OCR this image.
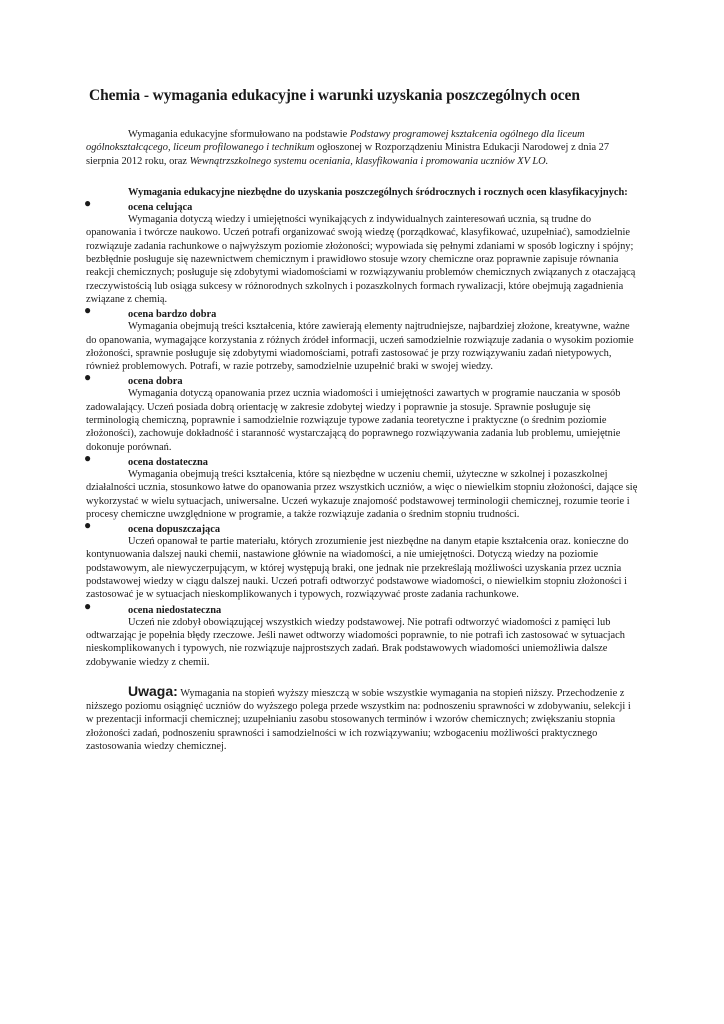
Chemia - wymagania edukacyjne i warunki uzyskania poszczególnych ocen

Wymagania edukacyjne sformułowano na podstawie Podstawy programowej kształcenia ogólnego dla liceum ogólnokształcącego, liceum profilowanego i technikum ogłoszonej w Rozporządzeniu Ministra Edukacji Narodowej z dnia 27 sierpnia 2012 roku, oraz Wewnątrzszkolnego systemu oceniania, klasyfikowania i promowania uczniów XV LO.

Wymagania edukacyjne niezbędne do uzyskania poszczególnych śródrocznych i rocznych ocen klasyfikacyjnych:

●	ocena celująca

Wymagania dotyczą wiedzy i umiejętności wynikających z indywidualnych zainteresowań ucznia, są trudne do opanowania i twórcze naukowo. Uczeń potrafi organizować swoją wiedzę (porządkować, klasyfikować, uzupełniać), samodzielnie rozwiązuje zadania rachunkowe o najwyższym poziomie złożoności; wypowiada się pełnymi zdaniami w sposób logiczny i spójny; bezbłędnie posługuje się nazewnictwem chemicznym i prawidłowo stosuje wzory chemiczne oraz poprawnie zapisuje równania reakcji chemicznych; posługuje się zdobytymi wiadomościami w rozwiązywaniu problemów chemicznych związanych z otaczającą rzeczywistością lub osiąga sukcesy w różnorodnych szkolnych i pozaszkolnych formach rywalizacji, które obejmują zagadnienia związane z chemią.

●	ocena bardzo dobra

Wymagania obejmują treści kształcenia, które zawierają elementy najtrudniejsze, najbardziej złożone, kreatywne, ważne do opanowania, wymagające korzystania z różnych źródeł informacji, uczeń samodzielnie rozwiązuje zadania o wysokim poziomie złożoności, sprawnie posługuje się zdobytymi wiadomościami, potrafi zastosować je przy rozwiązywaniu zadań nietypowych, również problemowych. Potrafi, w razie potrzeby, samodzielnie uzupełnić braki w swojej wiedzy.

●	ocena dobra

Wymagania dotyczą opanowania przez ucznia wiadomości i umiejętności zawartych w programie nauczania w sposób zadowalający. Uczeń posiada dobrą orientację w zakresie zdobytej wiedzy i poprawnie ja stosuje. Sprawnie posługuje się terminologią chemiczną, poprawnie i samodzielnie rozwiązuje typowe zadania teoretyczne i praktyczne (o średnim poziomie złożoności), zachowuje dokładność i staranność wystarczającą do poprawnego rozwiązywania zadania lub problemu, umiejętnie dokonuje porównań.

●	ocena dostateczna

Wymagania obejmują treści kształcenia, które są niezbędne w uczeniu chemii, użyteczne w szkolnej i pozaszkolnej działalności ucznia, stosunkowo łatwe do opanowania przez wszystkich uczniów, a więc o niewielkim stopniu złożoności, dające się wykorzystać w wielu sytuacjach, uniwersalne. Uczeń wykazuje znajomość podstawowej terminologii chemicznej, rozumie teorie i procesy chemiczne uwzględnione w programie, a także rozwiązuje zadania o średnim stopniu trudności.

●	ocena dopuszczająca

Uczeń opanował te partie materiału, których zrozumienie jest niezbędne na danym etapie kształcenia oraz. konieczne do kontynuowania dalszej nauki chemii, nastawione głównie na wiadomości, a nie umiejętności. Dotyczą wiedzy na poziomie podstawowym, ale niewyczerpującym, w której występują braki, one jednak nie przekreślają możliwości uzyskania przez ucznia podstawowej wiedzy w ciągu dalszej nauki. Uczeń potrafi odtworzyć podstawowe wiadomości, o niewielkim stopniu złożoności i zastosować je w sytuacjach nieskomplikowanych i typowych, rozwiązywać proste zadania rachunkowe.

●	ocena niedostateczna

Uczeń nie zdobył obowiązującej wszystkich wiedzy podstawowej. Nie potrafi odtworzyć wiadomości z pamięci lub odtwarzając je popełnia błędy rzeczowe. Jeśli nawet odtworzy wiadomości poprawnie, to nie potrafi ich zastosować w sytuacjach nieskomplikowanych i typowych, nie rozwiązuje najprostszych zadań. Brak podstawowych wiadomości uniemożliwia dalsze zdobywanie wiedzy z chemii.

Uwaga: Wymagania na stopień wyższy mieszczą w sobie wszystkie wymagania na stopień niższy. Przechodzenie z niższego poziomu osiągnięć uczniów do wyższego polega przede wszystkim na: podnoszeniu sprawności w zdobywaniu, selekcji i w prezentacji informacji chemicznej; uzupełnianiu zasobu stosowanych terminów i wzorów chemicznych; zwiększaniu stopnia złożoności zadań, podnoszeniu sprawności i samodzielności w ich rozwiązywaniu; wzbogaceniu możliwości praktycznego zastosowania wiedzy chemicznej.
